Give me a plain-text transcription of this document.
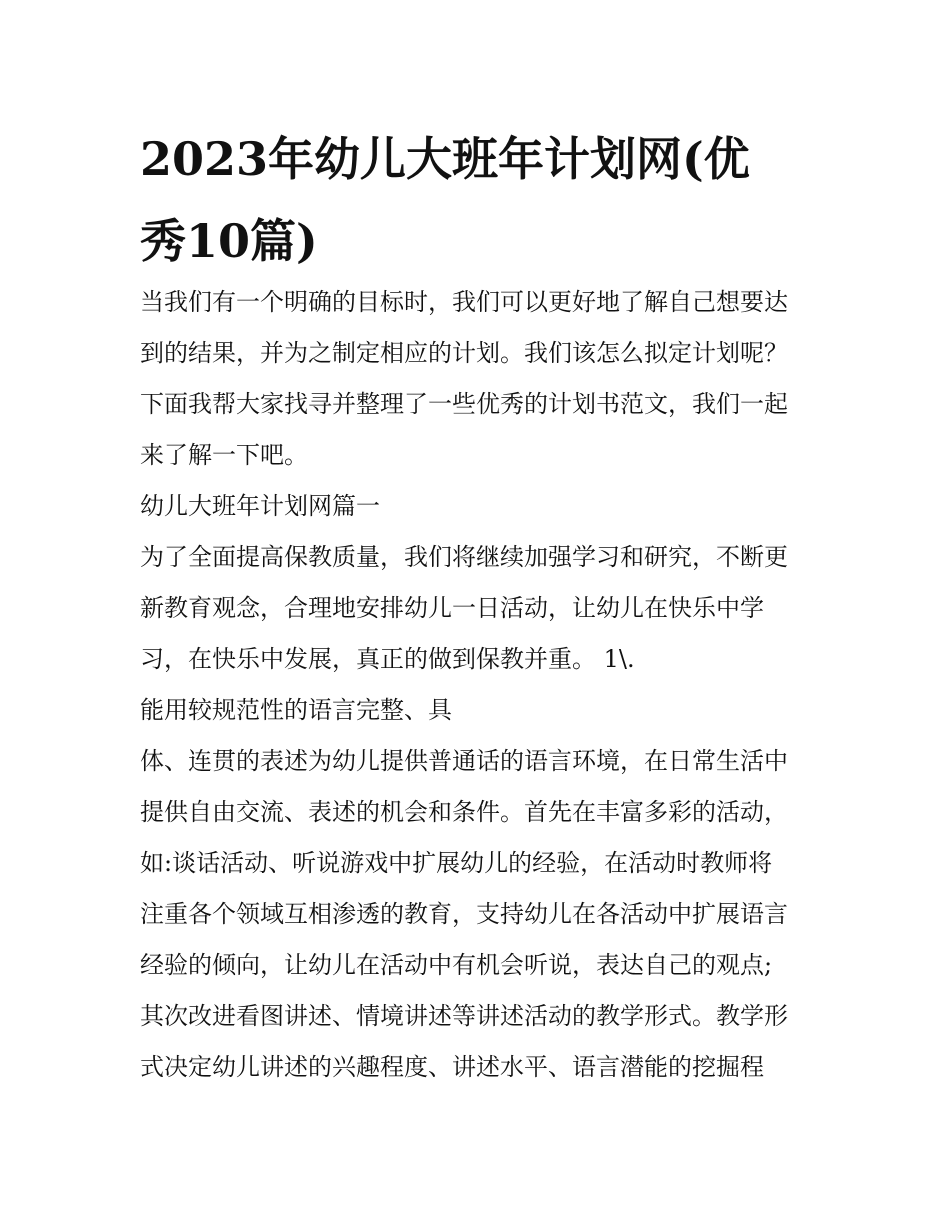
2023年幼儿大班年计划网(优
秀10篇)
当我们有一个明确的目标时，我们可以更好地了解自己想要达
到的结果，并为之制定相应的计划。我们该怎么拟定计划呢？
下面我帮大家找寻并整理了一些优秀的计划书范文，我们一起
来了解一下吧。
幼儿大班年计划网篇一
为了全面提高保教质量，我们将继续加强学习和研究，不断更
新教育观念，合理地安排幼儿一日活动，让幼儿在快乐中学
习，在快乐中发展，真正的做到保教并重。 1\.
能用较规范性的语言完整、具
体、连贯的表述为幼儿提供普通话的语言环境，在日常生活中
提供自由交流、表述的机会和条件。首先在丰富多彩的活动，
如:谈话活动、听说游戏中扩展幼儿的经验，在活动时教师将
注重各个领域互相渗透的教育，支持幼儿在各活动中扩展语言
经验的倾向，让幼儿在活动中有机会听说，表达自己的观点;
其次改进看图讲述、情境讲述等讲述活动的教学形式。教学形
式决定幼儿讲述的兴趣程度、讲述水平、语言潜能的挖掘程
